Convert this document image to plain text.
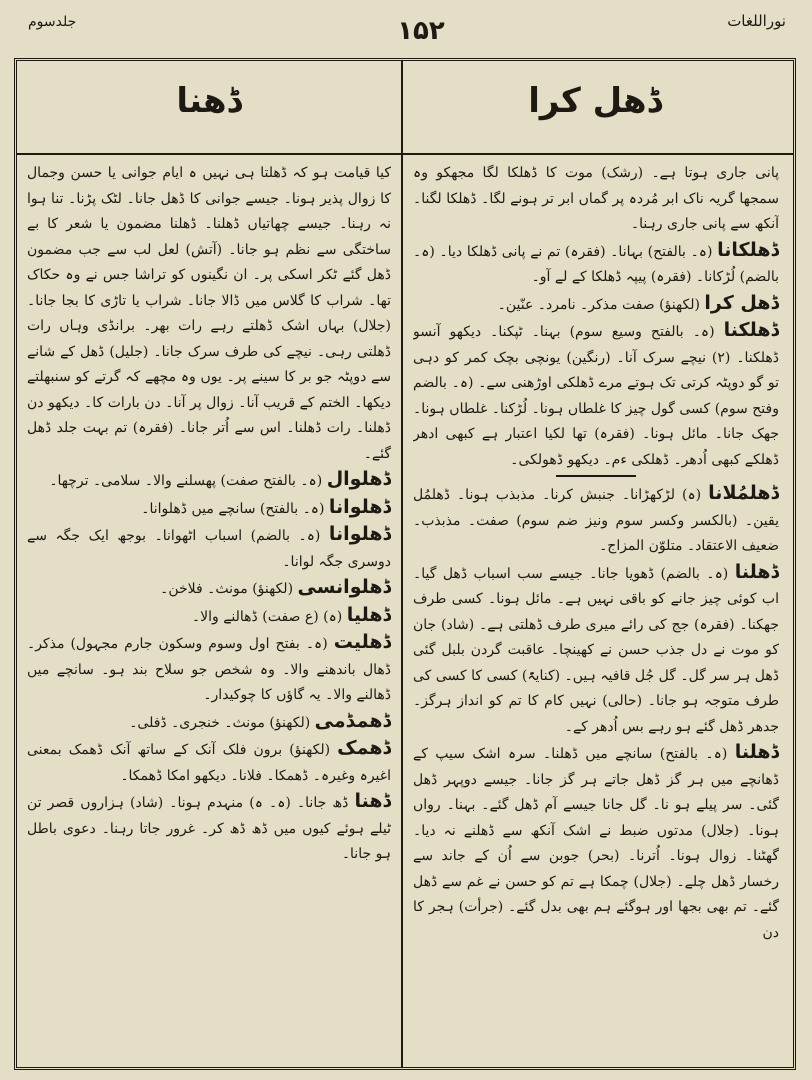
نوراللغات
۱۵۲
جلدسوم
ڈھنا	ڈھل کرا

پانی جاری ہوتا ہے۔ (رشک) موت کا ڈھلکا لگا مجھکو وہ سمجھا گریہ ناک ابر مُردہ پر گماں ابر تر ہونے لگا۔ ڈھلکا لگنا۔ آنکھ سے پانی جاری رہنا۔

ڈھلکانا (ہ۔ بالفتح) بہانا۔ (فقرہ) تم نے پانی ڈھلکا دیا۔ (ہ۔ بالضم) لُڑکانا۔ (فقرہ) پیپہ ڈھلکا کے لے آو۔

ڈھل کرا (لکھنؤ) صفت مذکر۔ نامرد۔ عنّین۔

ڈھلکنا (ہ۔ بالفتح وسیع سوم) بہنا۔ ٹپکنا۔ دیکھو آنسو ڈھلکنا۔ (۲) نیچے سرک آنا۔ (رنگین) یونچی بچک کمر کو دہی تو گو دوپٹہ کرتی تک ہوتے مرے ڈھلکی اوڑھنی سے۔ (ہ۔ بالضم وفتح سوم) کسی گول چیز کا غلطاں ہونا۔ لُڑکنا۔ غلطاں ہونا۔ جھک جانا۔ مائل ہونا۔ (فقرہ) تھا لکیا اعتبار ہے کبھی ادھر ڈھلکے کبھی اُدھر۔ ڈھلکی ءم۔ دیکھو ڈھولکی۔

ڈھلمُلانا (ہ) لڑکھڑانا۔ جنبش کرنا۔ مذبذب ہونا۔ ڈھلمُل یقین۔ (بالکسر وکسر سوم ونیز ضم سوم) صفت۔ مذبذب۔ ضعیف الاعتقاد۔ متلوّن المزاج۔

ڈھلنا (ہ۔ بالضم) ڈھویا جانا۔ جیسے سب اسباب ڈھل گیا۔ اب کوئی چیز جانے کو باقی نہیں ہے۔ مائل ہونا۔ کسی طرف جھکنا۔ (فقرہ) جج کی رائے میری طرف ڈھلتی ہے۔ (شاد) جان کو موت نے دل جذب حسن نے کھینچا۔ عاقبت گردن بلبل گئی ڈھل ہر سر گل۔ گل جُل قافیہ ہیں۔ (کنایۃً) کسی کا کسی کی طرف متوجہ ہو جانا۔ (حالی) نہیں کام کا تم کو انداز ہرگز۔ جدھر ڈھل گئے ہو رہے بس اُدھر کے۔

ڈھلنا (ہ۔ بالفتح) سانچے میں ڈھلنا۔ سرہ اشک سیپ کے ڈھانچے میں ہر گز ڈھل جاتے ہر گز جانا۔ جیسے دوپہر ڈھل گئی۔ سر پیلے ہو نا۔ گل جانا جیسے آم ڈھل گئے۔ بہنا۔ رواں ہونا۔ (جلال) مدتوں ضبط نے اشک آنکھ سے ڈھلنے نہ دیا۔ گھٹنا۔ زوال ہونا۔ اُترنا۔ (بحر) جوبن سے اُن کے جاند سے رخسار ڈھل چلے۔ (جلال) چمکا ہے تم کو حسن نے غم سے ڈھل گئے۔ تم بھی بجھا اور ہوگئے ہم بھی بدل گئے۔ (جرأت) ہجر کا دن

کیا قیامت ہو کہ ڈھلتا ہی نہیں ہ ایام جوانی یا حسن وجمال کا زوال پذیر ہونا۔ جیسے جوانی کا ڈھل جانا۔ لٹک پڑنا۔ تنا ہوا نہ رہنا۔ جیسے چھاتیاں ڈھلنا۔ ڈھلنا مضمون یا شعر کا بے ساختگی سے نظم ہو جانا۔ (آتش) لعل لب سے جب مضمون ڈھل گئے ٹکر اسکی پر۔ ان نگینوں کو تراشا جس نے وہ حکاک تھا۔ شراب کا گلاس میں ڈالا جانا۔ شراب یا تاڑی کا بجا جانا۔ (جلال) بہاں اشک ڈھلتے رہے رات بھر۔ برانڈی وہاں رات ڈھلتی رہی۔ نیچے کی طرف سرک جانا۔ (جلیل) ڈھل کے شانے سے دوپٹہ جو بر کا سینے پر۔ یوں وہ مچھے کہ گرتے کو سنبھلتے دیکھا۔ الختم کے قریب آنا۔ زوال پر آنا۔ دن بارات کا۔ دیکھو دن ڈھلنا۔ رات ڈھلنا۔ اس سے اُتر جانا۔ (فقرہ) تم بہت جلد ڈھل گئے۔

ڈھلوال (ہ۔ بالفتح صفت) پھسلنے والا۔ سلامی۔ ترچھا۔

ڈھلوانا (ہ۔ بالفتح) سانچے میں ڈھلوانا۔

ڈھلوانا (ہ۔ بالضم) اسباب اٹھوانا۔ بوجھ ایک جگہ سے دوسری جگہ لوانا۔

ڈھلوانسی (لکھنؤ) مونث۔ فلاخن۔

ڈھلیا (ہ) (ع صفت) ڈھالنے والا۔

ڈھلیت (ہ۔ بفتح اول وسوم وسکون جارم مجہول) مذکر۔ ڈھال باندھنے والا۔ وہ شخص جو سلاح بند ہو۔ سانچے میں ڈھالنے والا۔ یہ گاؤں کا چوکیدار۔

ڈھمڈمی (لکھنؤ) مونث۔ خنجری۔ ڈفلی۔

ڈھمک (لکھنؤ) برون فلک آنک کے ساتھ آنک ڈھمک بمعنی اغیرہ وغیرہ۔ ڈھمکا۔ فلانا۔ دیکھو امکا ڈھمکا۔

ڈھنا ڈھ جانا۔ (ہ۔ ہ) منہدم ہونا۔ (شاد) ہزاروں قصر تن ٹیلے ہوئے کیوں میں ڈھ ڈھ کر۔ غرور جاتا رہنا۔ دعوی باطل ہو جانا۔
